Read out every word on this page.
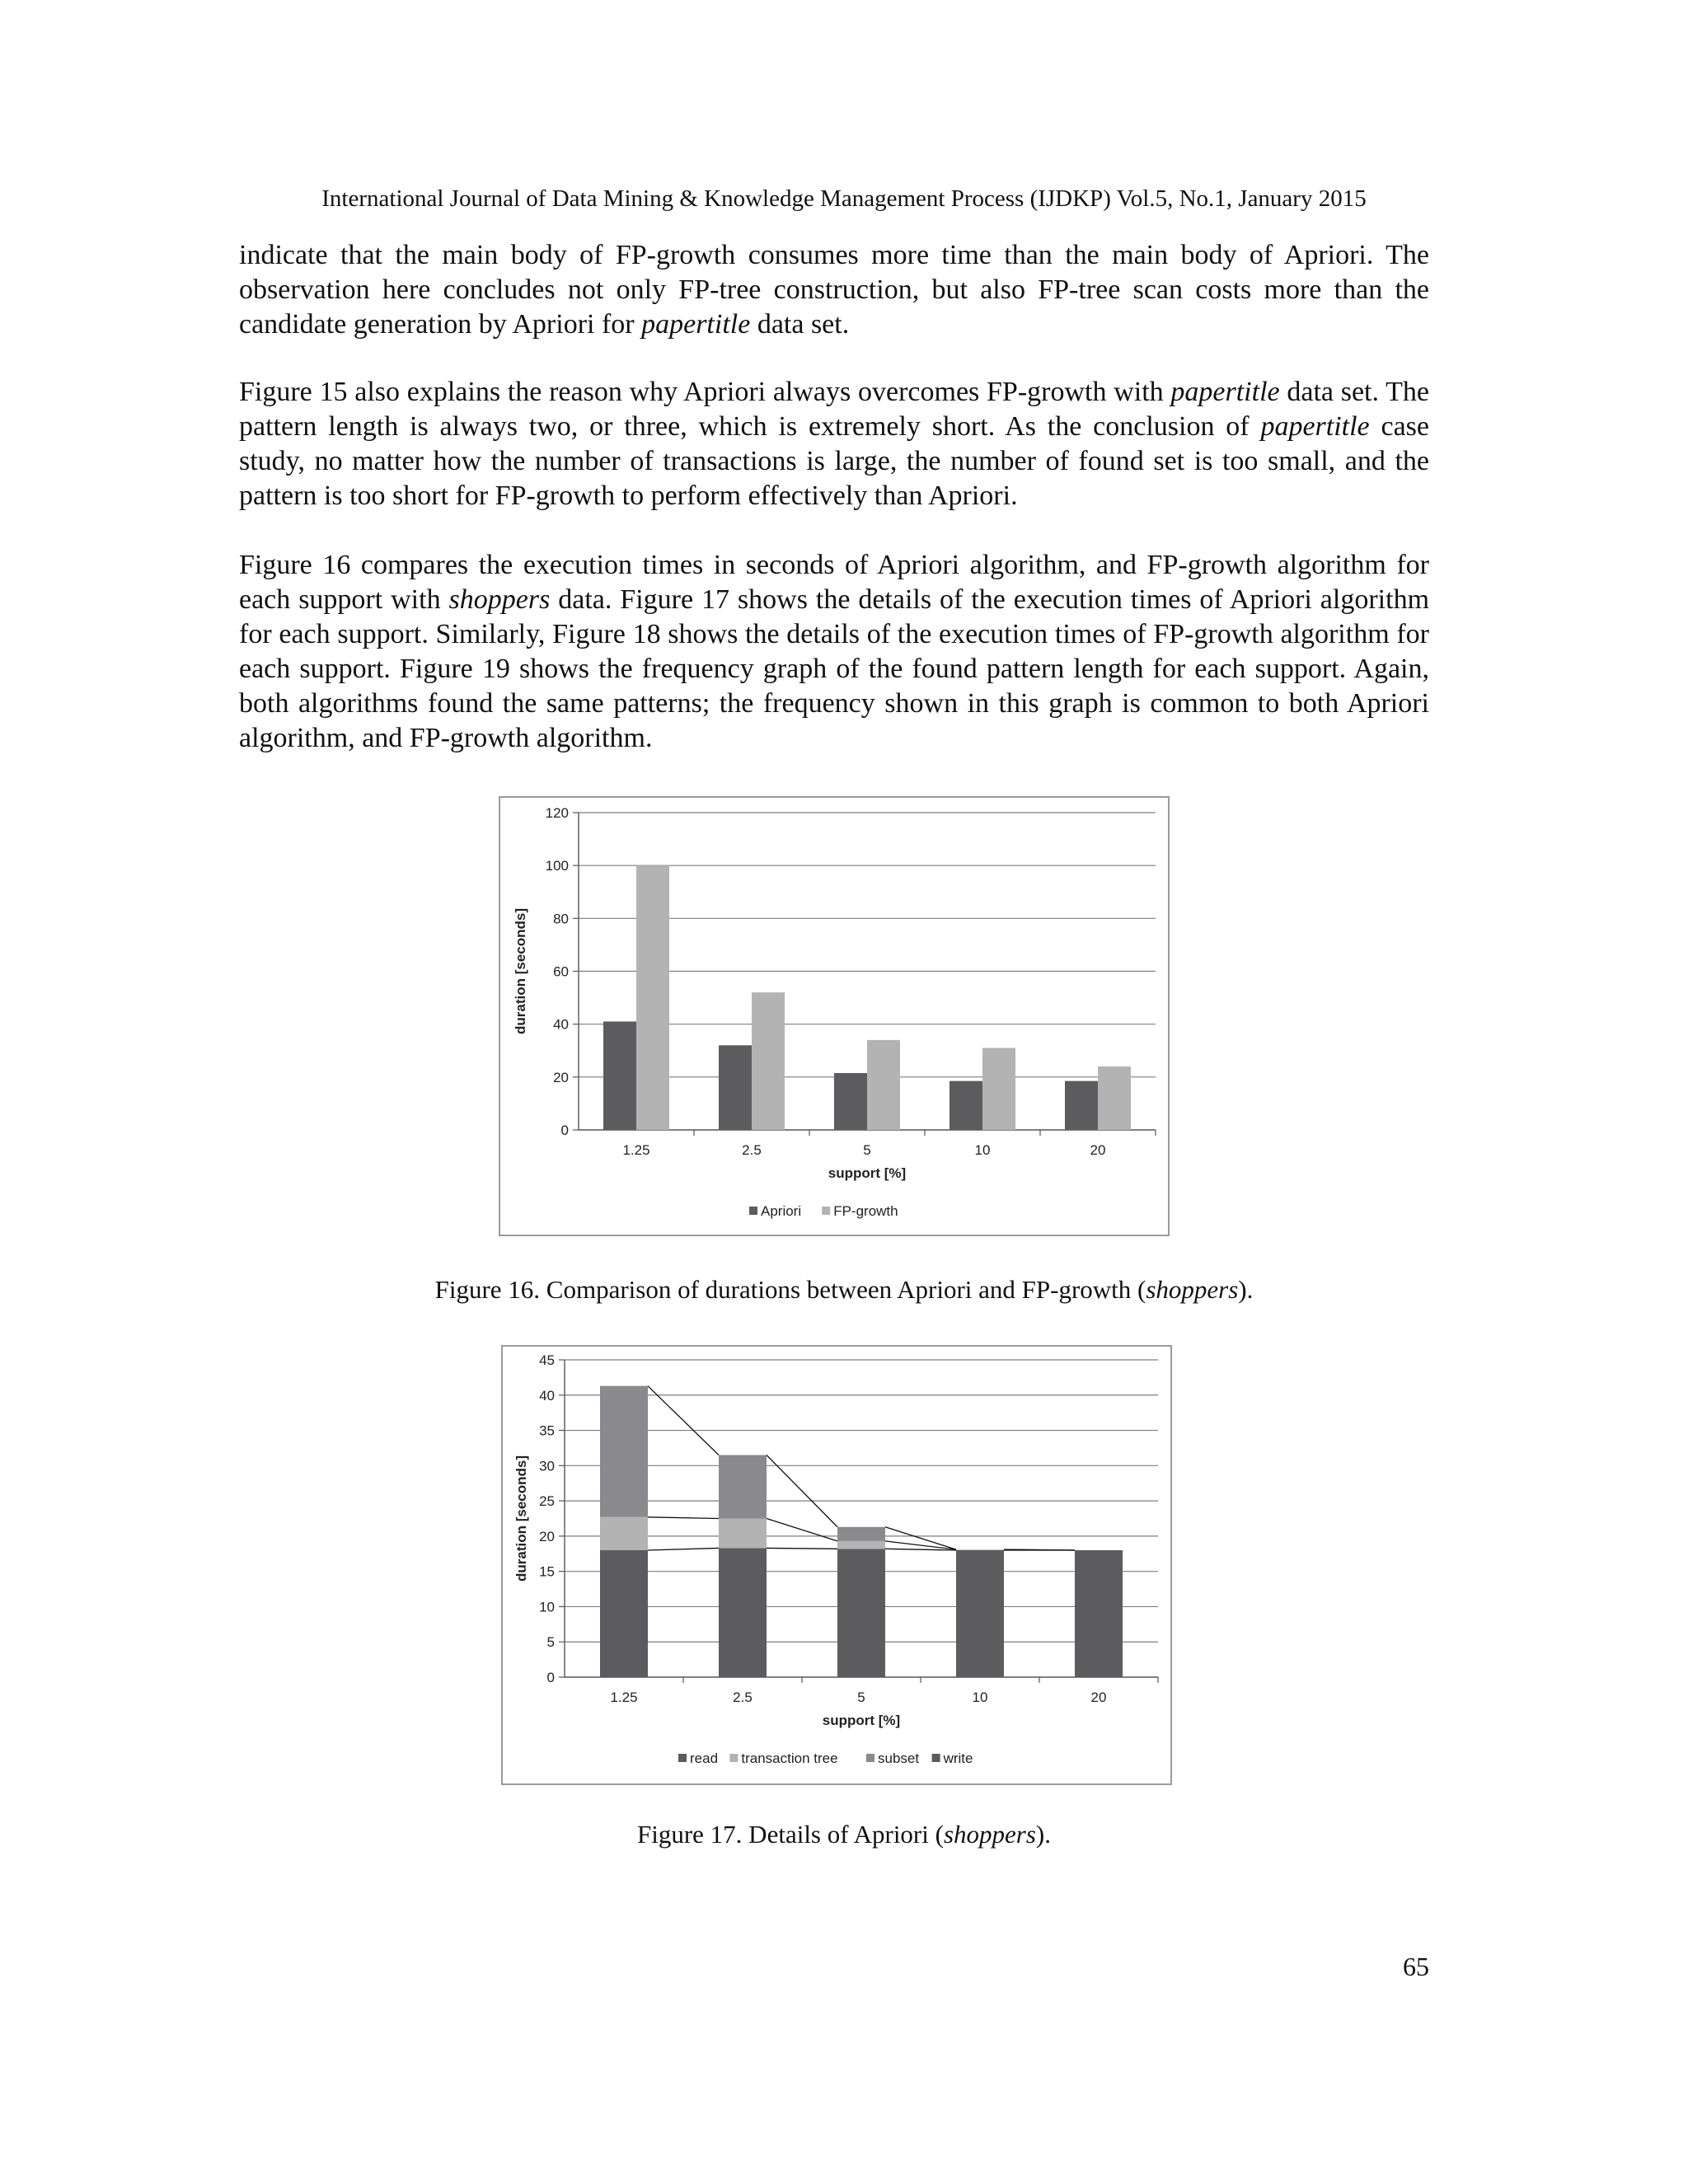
International Journal of Data Mining & Knowledge Management Process (IJDKP) Vol.5, No.1, January 2015

indicate that the main body of FP-growth consumes more time than the main body of Apriori. The observation here concludes not only FP-tree construction, but also FP-tree scan costs more than the candidate generation by Apriori for papertitle data set.

Figure 15 also explains the reason why Apriori always overcomes FP-growth with papertitle data set. The pattern length is always two, or three, which is extremely short. As the conclusion of papertitle case study, no matter how the number of transactions is large, the number of found set is too small, and the pattern is too short for FP-growth to perform effectively than Apriori.

Figure 16 compares the execution times in seconds of Apriori algorithm, and FP-growth algorithm for each support with shoppers data. Figure 17 shows the details of the execution times of Apriori algorithm for each support. Similarly, Figure 18 shows the details of the execution times of FP-growth algorithm for each support. Figure 19 shows the frequency graph of the found pattern length for each support. Again, both algorithms found the same patterns; the frequency shown in this graph is common to both Apriori algorithm, and FP-growth algorithm.

0
20
40
60
80
100
120
duration [seconds]
1.25	2.5	5	10	20
support [%]
Apriori FP-growth
Figure 16. Comparison of durations between Apriori and FP-growth (shoppers).
0
5
10
15
20
25
30
35
40
45
duration [seconds]
1.25	2.5	5	10	20
support [%]
read transaction tree	subset write
Figure 17. Details of Apriori (shoppers).
65
